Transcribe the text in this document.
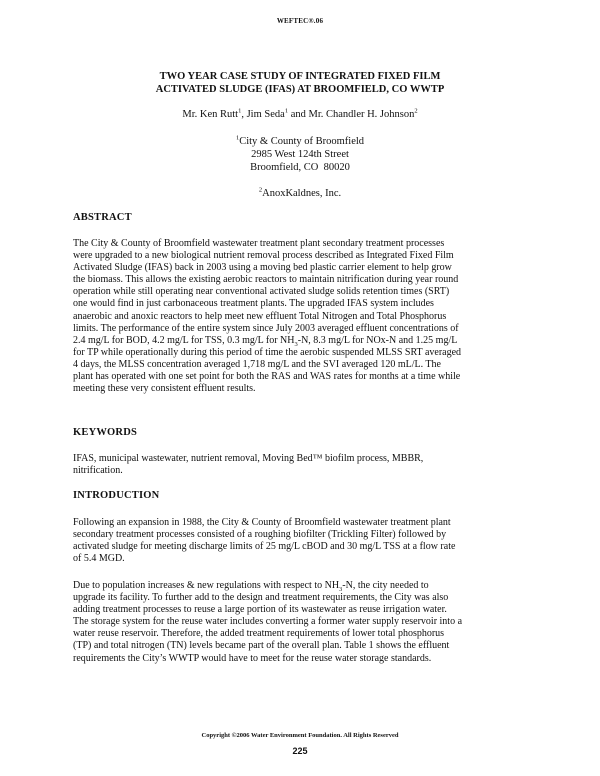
WEFTEC®.06
TWO YEAR CASE STUDY OF INTEGRATED FIXED FILM
ACTIVATED SLUDGE (IFAS) AT BROOMFIELD, CO WWTP
Mr. Ken Rutt$^1$, Jim Seda$^1$ and Mr. Chandler H. Johnson$^2$
$^1$City & County of Broomfield
2985 West 124th Street
Broomfield, CO  80020
$^2$AnoxKaldnes, Inc.
ABSTRACT
The City & County of Broomfield wastewater treatment plant secondary treatment processes
were upgraded to a new biological nutrient removal process described as Integrated Fixed Film
Activated Sludge (IFAS) back in 2003 using a moving bed plastic carrier element to help grow
the biomass. This allows the existing aerobic reactors to maintain nitrification during year round
operation while still operating near conventional activated sludge solids retention times (SRT)
one would find in just carbonaceous treatment plants. The upgraded IFAS system includes
anaerobic and anoxic reactors to help meet new effluent Total Nitrogen and Total Phosphorus
limits. The performance of the entire system since July 2003 averaged effluent concentrations of
2.4 mg/L for BOD, 4.2 mg/L for TSS, 0.3 mg/L for $NH_3-N$, 8.3 mg/L for NOx-N and 1.25 mg/L
for TP while operationally during this period of time the aerobic suspended MLSS SRT averaged
4 days, the MLSS concentration averaged 1,718 mg/L and the SVI averaged 120 mL/L. The
plant has operated with one set point for both the RAS and WAS rates for months at a time while
meeting these very consistent effluent results.
KEYWORDS
IFAS, municipal wastewater, nutrient removal, Moving Bed™ biofilm process, MBBR,
nitrification.
INTRODUCTION
Following an expansion in 1988, the City & County of Broomfield wastewater treatment plant
secondary treatment processes consisted of a roughing biofilter (Trickling Filter) followed by
activated sludge for meeting discharge limits of 25 mg/L cBOD and 30 mg/L TSS at a flow rate
of 5.4 MGD.
Due to population increases & new regulations with respect to $NH_3-N$, the city needed to
upgrade its facility. To further add to the design and treatment requirements, the City was also
adding treatment processes to reuse a large portion of its wastewater as reuse irrigation water.
The storage system for the reuse water includes converting a former water supply reservoir into a
water reuse reservoir. Therefore, the added treatment requirements of lower total phosphorus
(TP) and total nitrogen (TN) levels became part of the overall plan. Table 1 shows the effluent
requirements the City’s WWTP would have to meet for the reuse water storage standards.
Copyright ©2006 Water Environment Foundation. All Rights Reserved
225
